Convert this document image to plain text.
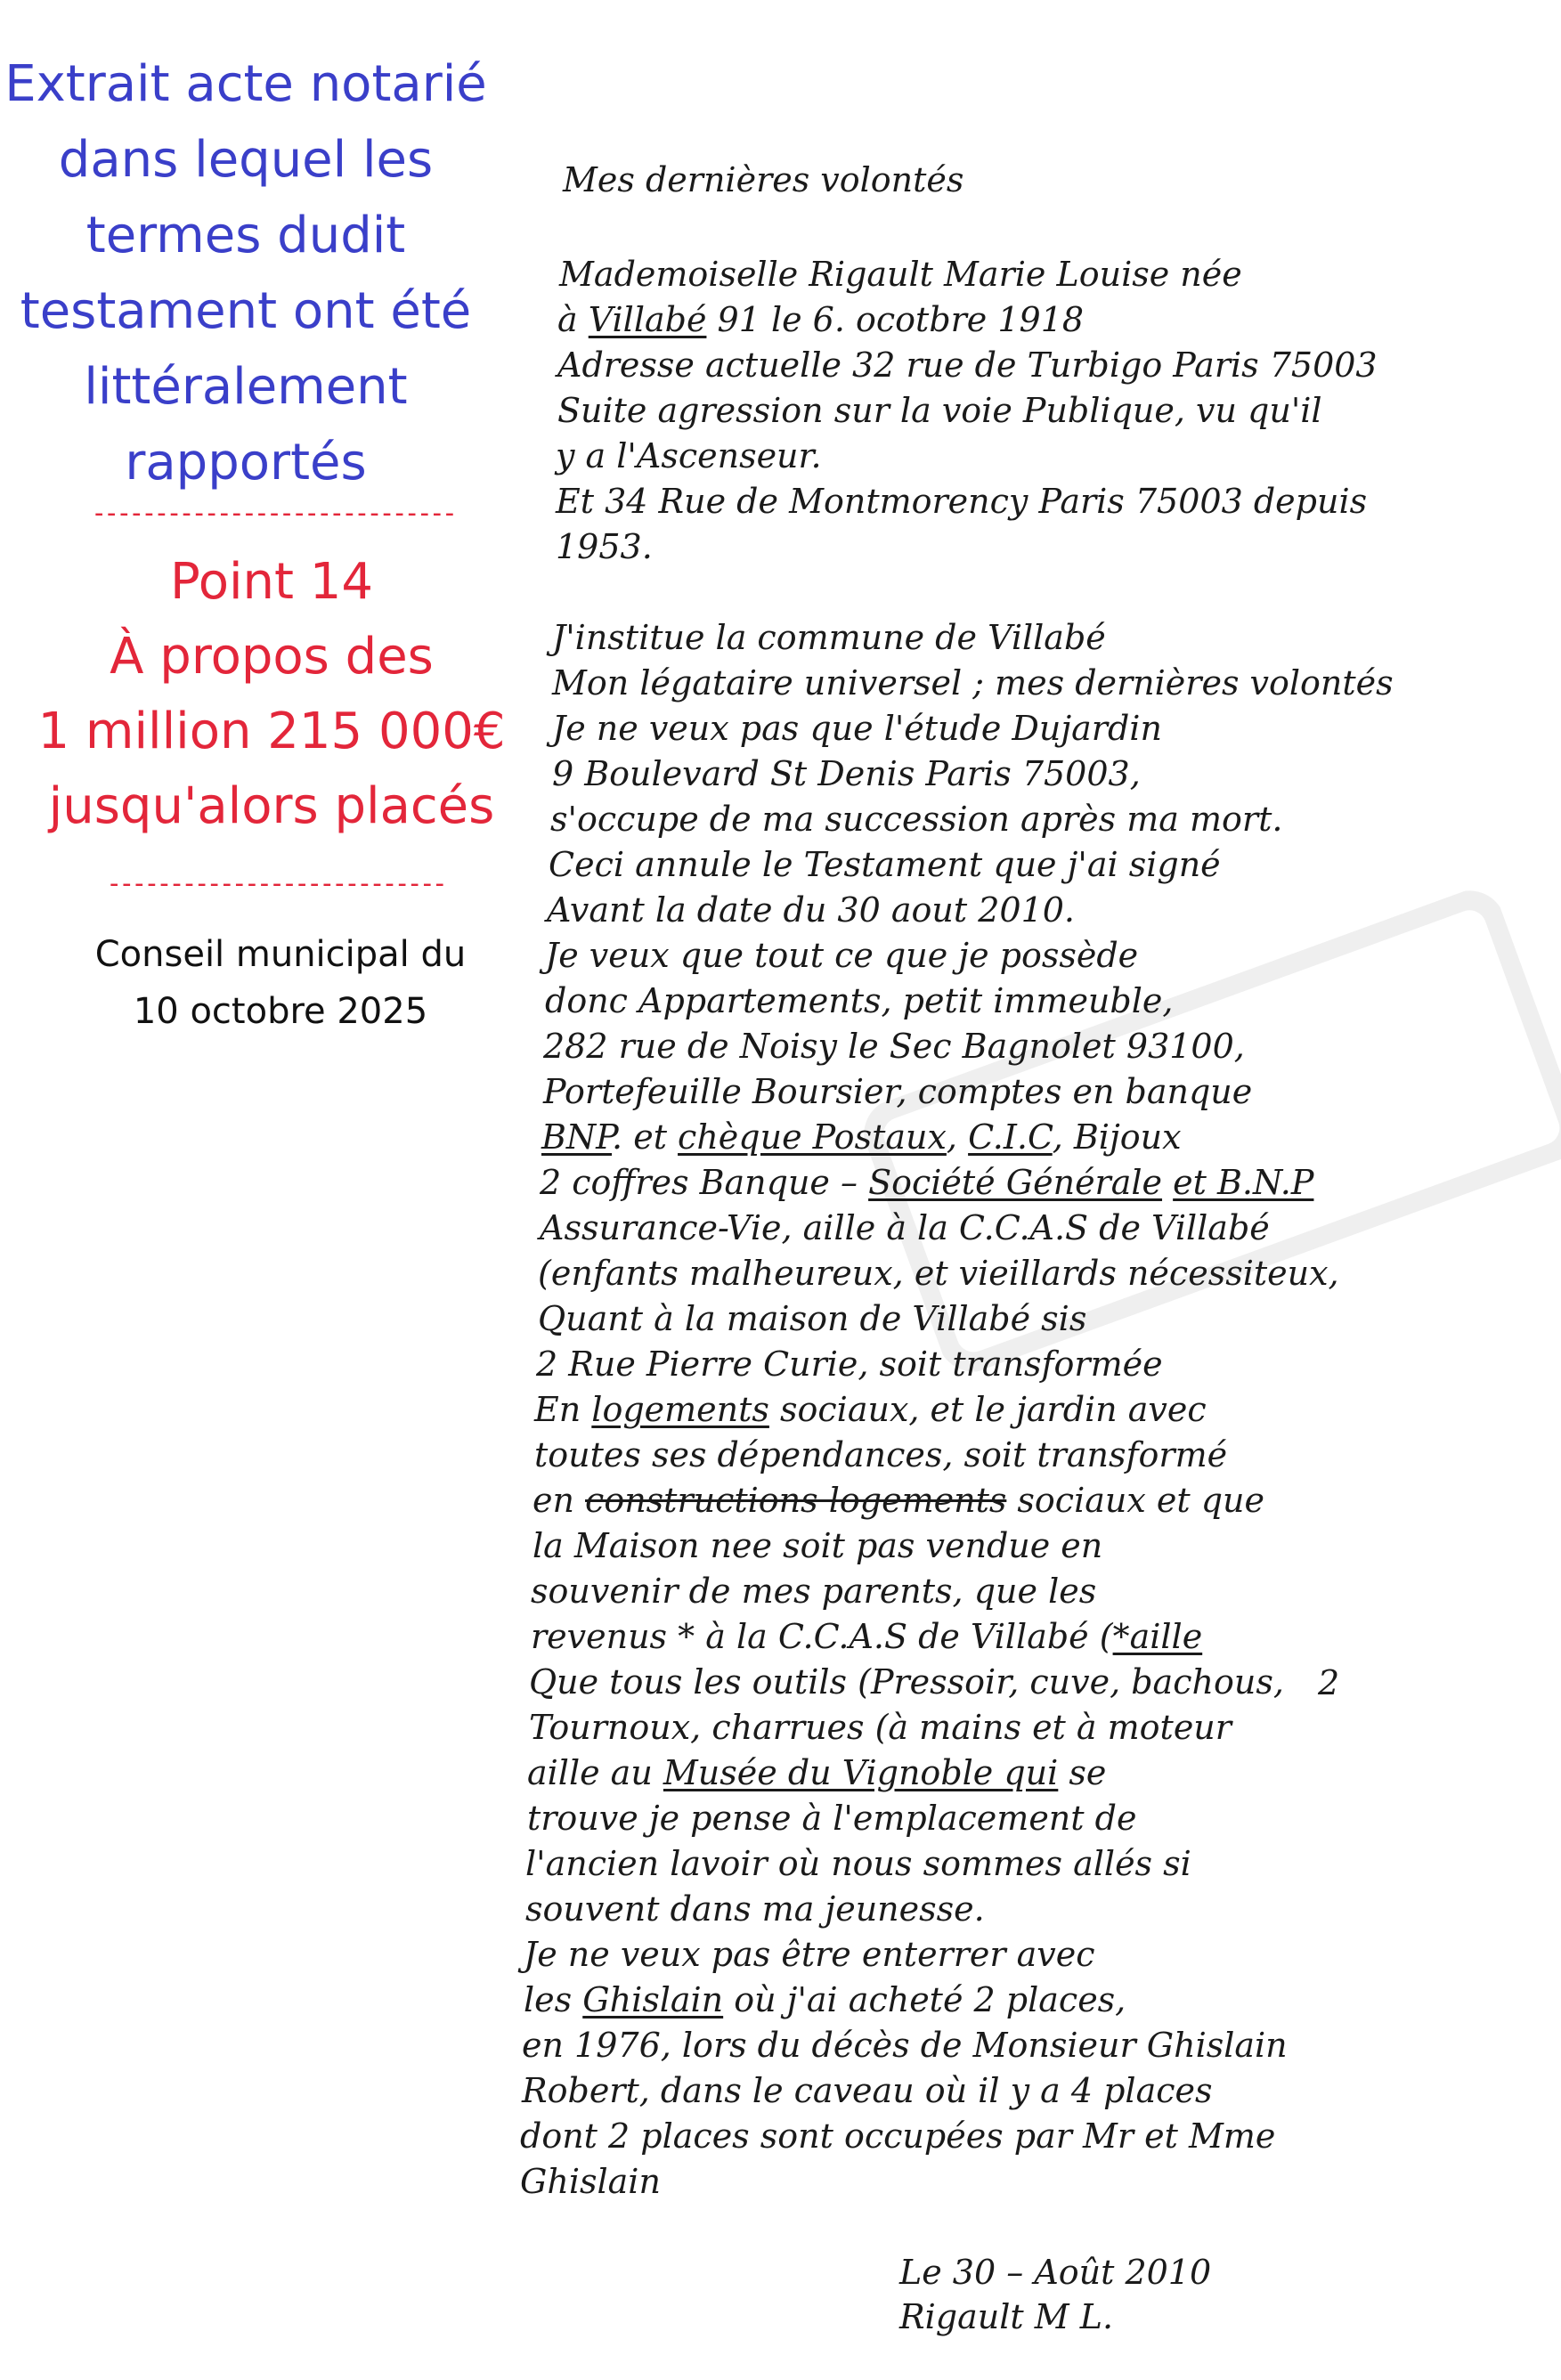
Extrait acte notarié
dans lequel les
termes dudit
testament ont été
littéralement
rapportés
-----------------------------
Point 14
À propos des
1 million 215 000€
jusqu'alors placés
---------------------------
Conseil municipal du
10 octobre 2025
Mes dernières volontés
Mademoiselle Rigault Marie Louise née
à Villabé 91 le 6. ocotbre 1918
Adresse actuelle 32 rue de Turbigo Paris 75003
Suite agression sur la voie Publique, vu qu'il
y a l'Ascenseur.
Et 34 Rue de Montmorency Paris 75003 depuis
1953.
J'institue la commune de Villabé
Mon légataire universel ; mes dernières volontés
Je ne veux pas que l'étude Dujardin
9 Boulevard St Denis Paris 75003,
s'occupe de ma succession après ma mort.
Ceci annule le Testament que j'ai signé
Avant la date du 30 aout 2010.
Je veux que tout ce que je possède
donc Appartements, petit immeuble,
282 rue de Noisy le Sec Bagnolet 93100,
Portefeuille Boursier, comptes en banque
BNP. et chèque Postaux, C.I.C, Bijoux
2 coffres Banque – Société Générale et B.N.P
Assurance-Vie, aille à la C.C.A.S de Villabé
(enfants malheureux, et vieillards nécessiteux,
Quant à la maison de Villabé sis
2 Rue Pierre Curie, soit transformée
En logements sociaux, et le jardin avec
toutes ses dépendances, soit transformé
en constructions logements sociaux et que
la Maison nee soit pas vendue en
souvenir de mes parents, que les
revenus * à la C.C.A.S de Villabé (*aille
Que tous les outils (Pressoir, cuve, bachous,
Tournoux, charrues (à mains et à moteur
aille au Musée du Vignoble qui se
trouve je pense à l'emplacement de
l'ancien lavoir où nous sommes allés si
souvent dans ma jeunesse.
Je ne veux pas être enterrer avec
les Ghislain où j'ai acheté 2 places,
en 1976, lors du décès de Monsieur Ghislain
Robert, dans le caveau où il y a 4 places
dont 2 places sont occupées par Mr et Mme
Ghislain
Le 30 – Août 2010
Rigault M L.
2
